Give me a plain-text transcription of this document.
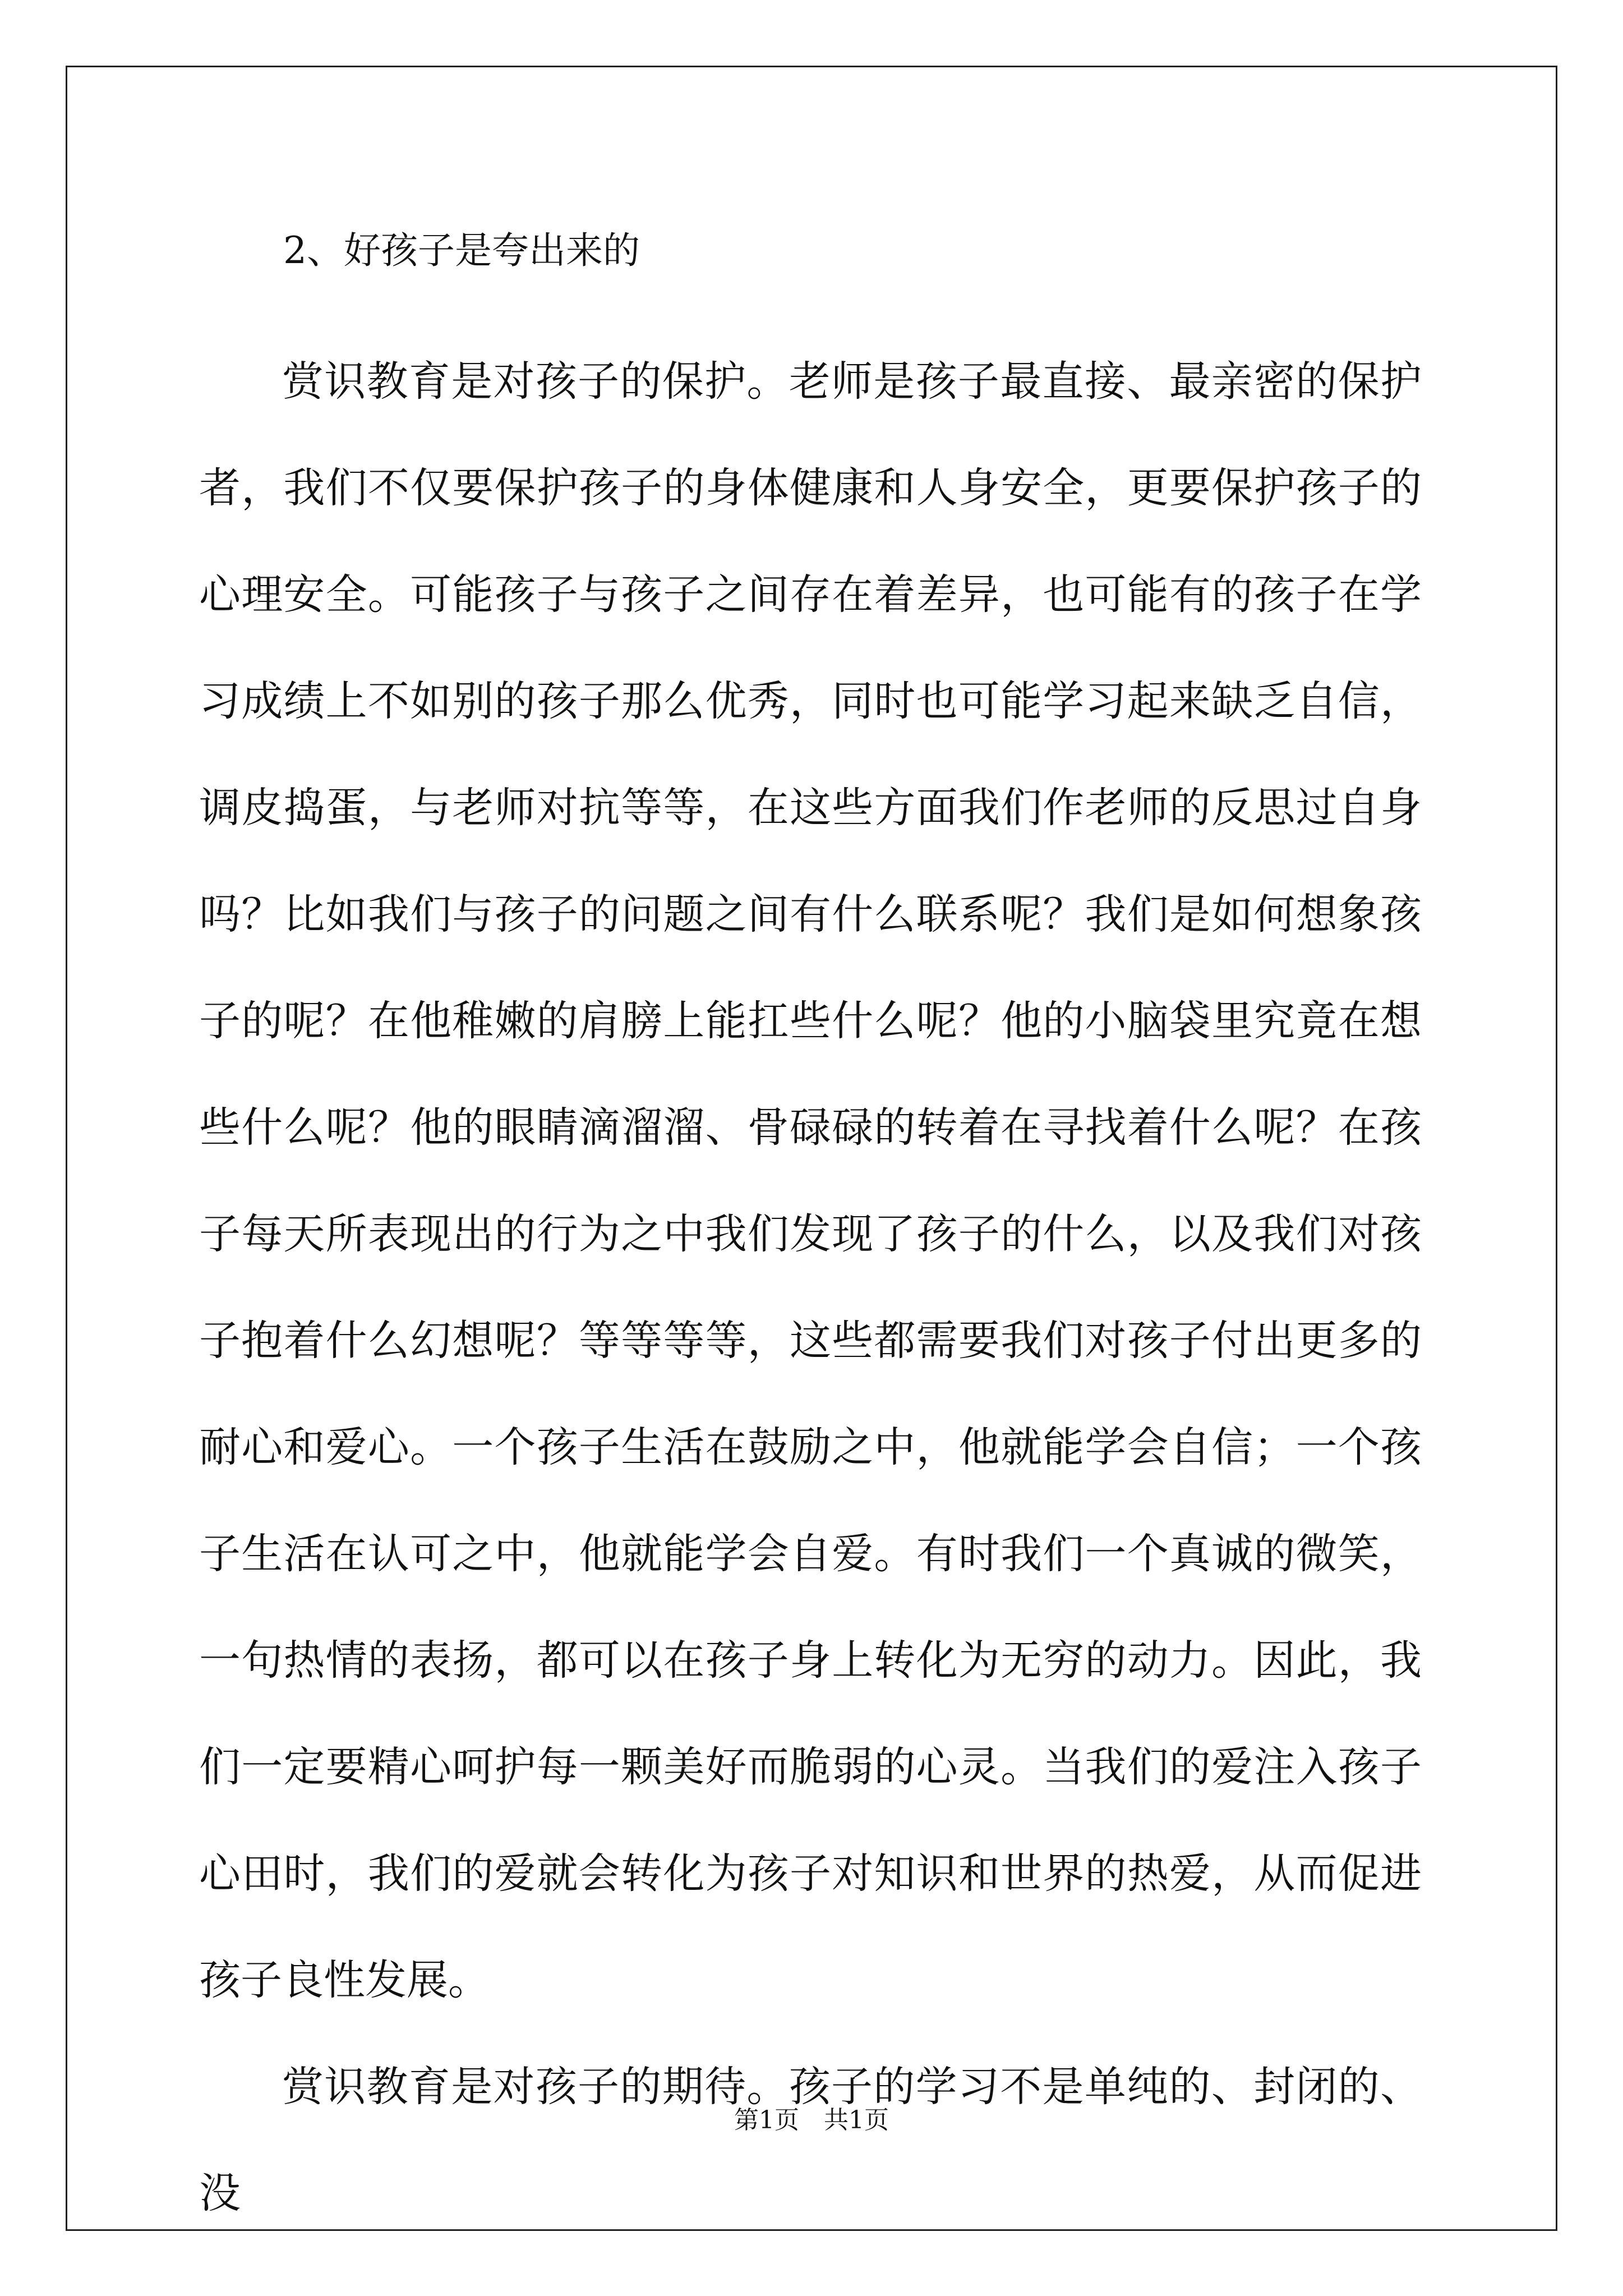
2、好孩子是夸出来的

赏识教育是对孩子的保护。老师是孩子最直接、最亲密的保护者，我们不仅要保护孩子的身体健康和人身安全，更要保护孩子的心理安全。可能孩子与孩子之间存在着差异，也可能有的孩子在学习成绩上不如别的孩子那么优秀，同时也可能学习起来缺乏自信，调皮捣蛋，与老师对抗等等，在这些方面我们作老师的反思过自身吗？比如我们与孩子的问题之间有什么联系呢？我们是如何想象孩子的呢？在他稚嫩的肩膀上能扛些什么呢？他的小脑袋里究竟在想些什么呢？他的眼睛滴溜溜、骨碌碌的转着在寻找着什么呢？在孩子每天所表现出的行为之中我们发现了孩子的什么，以及我们对孩子抱着什么幻想呢？等等等等，这些都需要我们对孩子付出更多的耐心和爱心。一个孩子生活在鼓励之中，他就能学会自信；一个孩子生活在认可之中，他就能学会自爱。有时我们一个真诚的微笑，一句热情的表扬，都可以在孩子身上转化为无穷的动力。因此，我们一定要精心呵护每一颗美好而脆弱的心灵。当我们的爱注入孩子心田时，我们的爱就会转化为孩子对知识和世界的热爱，从而促进孩子良性发展。

赏识教育是对孩子的期待。孩子的学习不是单纯的、封闭的、没

第1页　共1页
